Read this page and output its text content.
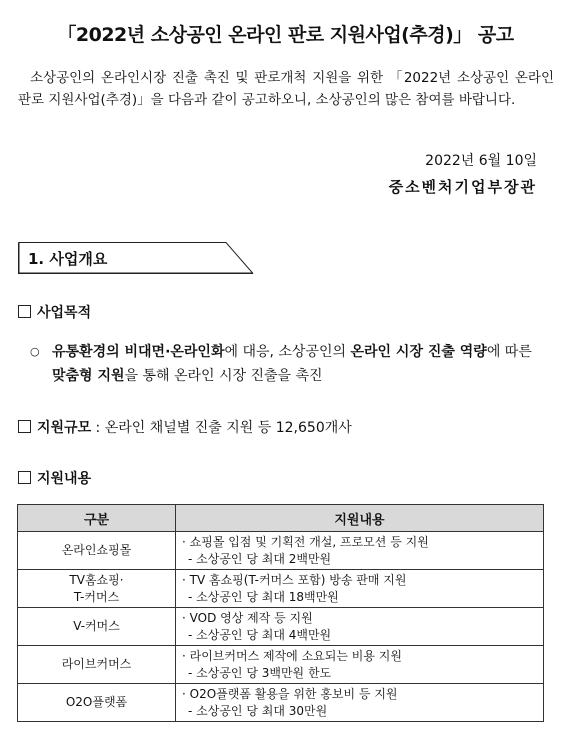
「2022년 소상공인 온라인 판로 지원사업(추경)」 공고
소상공인의 온라인시장 진출 촉진 및 판로개척 지원을 위한 「2022년 소상공인 온라인 판로 지원사업(추경)」을 다음과 같이 공고하오니, 소상공인의 많은 참여를 바랍니다.
2022년 6월 10일
중소벤처기업부장관
1. 사업개요
사업목적
○ 유통환경의 비대면·온라인화에 대응, 소상공인의 온라인 시장 진출 역량에 따른 맞춤형 지원을 통해 온라인 시장 진출을 촉진
지원규모 : 온라인 채널별 진출 지원 등 12,650개사
지원내용
구분	지원내용
온라인쇼핑몰	· 쇼핑몰 입점 및 기획전 개설, 프로모션 등 지원
- 소상공인 당 최대 2백만원
TV홈쇼핑·
T-커머스	· TV 홈쇼핑(T-커머스 포함) 방송 판매 지원
- 소상공인 당 최대 18백만원
V-커머스	· VOD 영상 제작 등 지원
- 소상공인 당 최대 4백만원
라이브커머스	· 라이브커머스 제작에 소요되는 비용 지원
- 소상공인 당 3백만원 한도
O2O플랫폼	· O2O플랫폼 활용을 위한 홍보비 등 지원
- 소상공인 당 최대 30만원
